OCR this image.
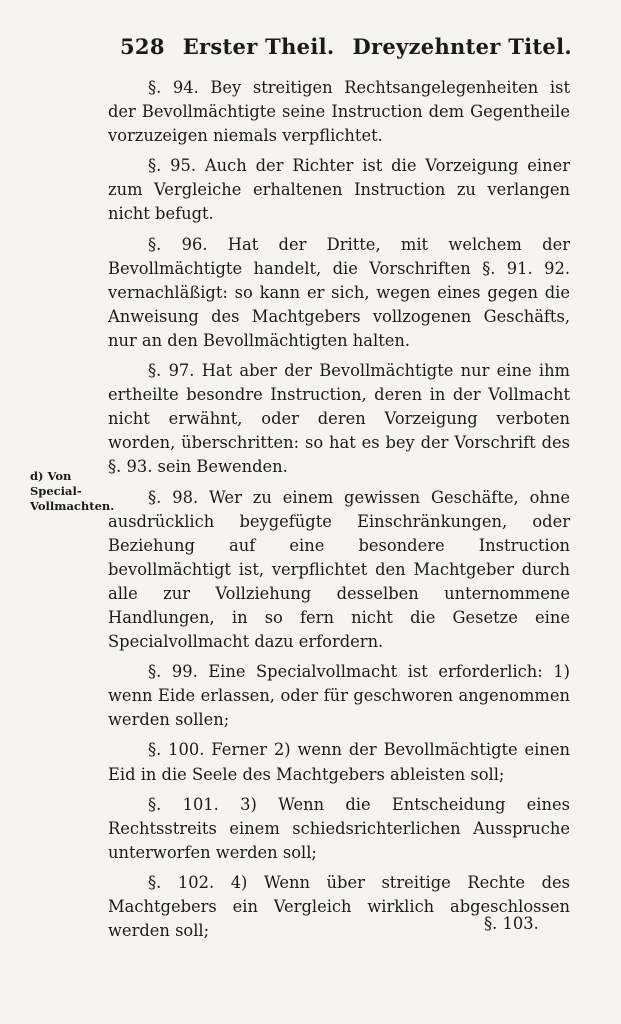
528 Erster Theil. Dreyzehnter Titel.
d) Von Special-Vollmachten.

§. 94. Bey streitigen Rechtsangelegenheiten ist der Bevollmächtigte seine Instruction dem Gegentheile vorzuzeigen niemals verpflichtet.

§. 95. Auch der Richter ist die Vorzeigung einer zum Vergleiche erhaltenen Instruction zu verlangen nicht befugt.

§. 96. Hat der Dritte, mit welchem der Bevollmächtigte handelt, die Vorschriften §. 91. 92. vernachläßigt: so kann er sich, wegen eines gegen die Anweisung des Machtgebers vollzogenen Geschäfts, nur an den Bevollmächtigten halten.

§. 97. Hat aber der Bevollmächtigte nur eine ihm ertheilte besondre Instruction, deren in der Vollmacht nicht erwähnt, oder deren Vorzeigung verboten worden, überschritten: so hat es bey der Vorschrift des §. 93. sein Bewenden.

§. 98. Wer zu einem gewissen Geschäfte, ohne ausdrücklich beygefügte Einschränkungen, oder Beziehung auf eine besondere Instruction bevollmächtigt ist, verpflichtet den Machtgeber durch alle zur Vollziehung desselben unternommene Handlungen, in so fern nicht die Gesetze eine Specialvollmacht dazu erfordern.

§. 99. Eine Specialvollmacht ist erforderlich: 1) wenn Eide erlassen, oder für geschworen angenommen werden sollen;

§. 100. Ferner 2) wenn der Bevollmächtigte einen Eid in die Seele des Machtgebers ableisten soll;

§. 101. 3) Wenn die Entscheidung eines Rechtsstreits einem schiedsrichterlichen Ausspruche unterworfen werden soll;

§. 102. 4) Wenn über streitige Rechte des Machtgebers ein Vergleich wirklich abgeschlossen werden soll;	§. 103.
